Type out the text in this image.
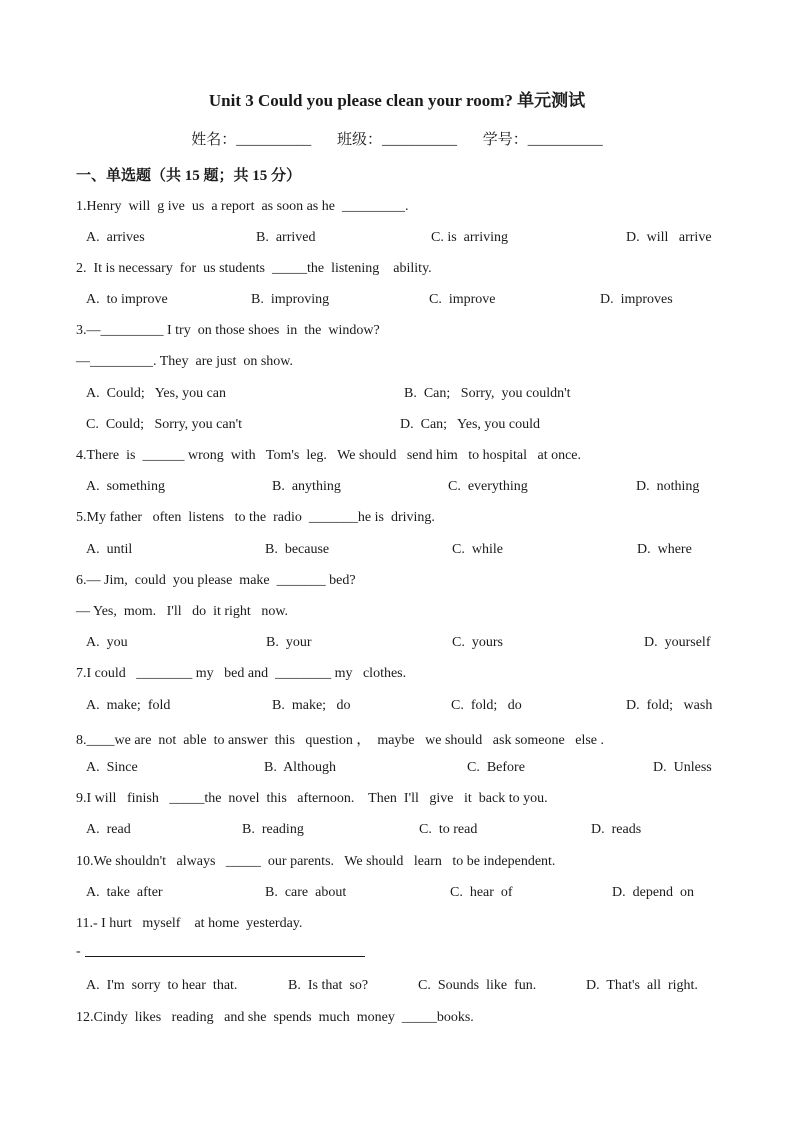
Unit 3 Could you please clean your room? 单元测试
姓名：__________ 班级：__________ 学号：__________
一、单选题（共 15 题；共 15 分）
1.Henry  will  g ive  us  a report  as soon as he  _________.
A.  arrives	B.  arrived	C. is  arriving	D.  will   arrive
2.  It is necessary  for  us students  _____the  listening    ability.
A.  to improve	B.  improving	C.  improve	D.  improves
3.—_________ I try  on those shoes  in  the  window?
—_________. They  are just  on show.
A.  Could;   Yes, you can	B.  Can;   Sorry,  you couldn't
C.  Could;   Sorry, you can't	D.  Can;   Yes, you could
4.There  is  ______ wrong  with   Tom's  leg.   We should   send him   to hospital   at once.
A.  something	B.  anything	C.  everything	D.  nothing
5.My father   often  listens   to the  radio  _______he is  driving.
A.  until	B.  because	C.  while	D.  where
6.— Jim,  could  you please  make  _______ bed?
— Yes,  mom.   I'll   do  it right   now.
A.  you	B.  your	C.  yours	D.  yourself
7.I could   ________ my   bed and  ________ my   clothes.
A.  make;  fold	B.  make;   do	C.  fold;   do	D.  fold;   wash
8.____we are  not  able  to answer  this   question ，  maybe   we should   ask someone   else .
A.  Since	B.  Although	C.  Before	D.  Unless
9.I will   finish   _____the  novel  this   afternoon.    Then  I'll   give   it  back to you.
A.  read	B.  reading	C.  to read	D.  reads
10.We shouldn't   always   _____  our parents.   We should   learn   to be independent.
A.  take  after	B.  care  about	C.  hear  of	D.  depend  on
11.- I hurt   myself    at home  yesterday.
-
A.  I'm  sorry  to hear  that.	B.  Is that  so?	C.  Sounds  like  fun.	D.  That's  all  right.
12.Cindy  likes   reading   and she  spends  much  money  _____books.
